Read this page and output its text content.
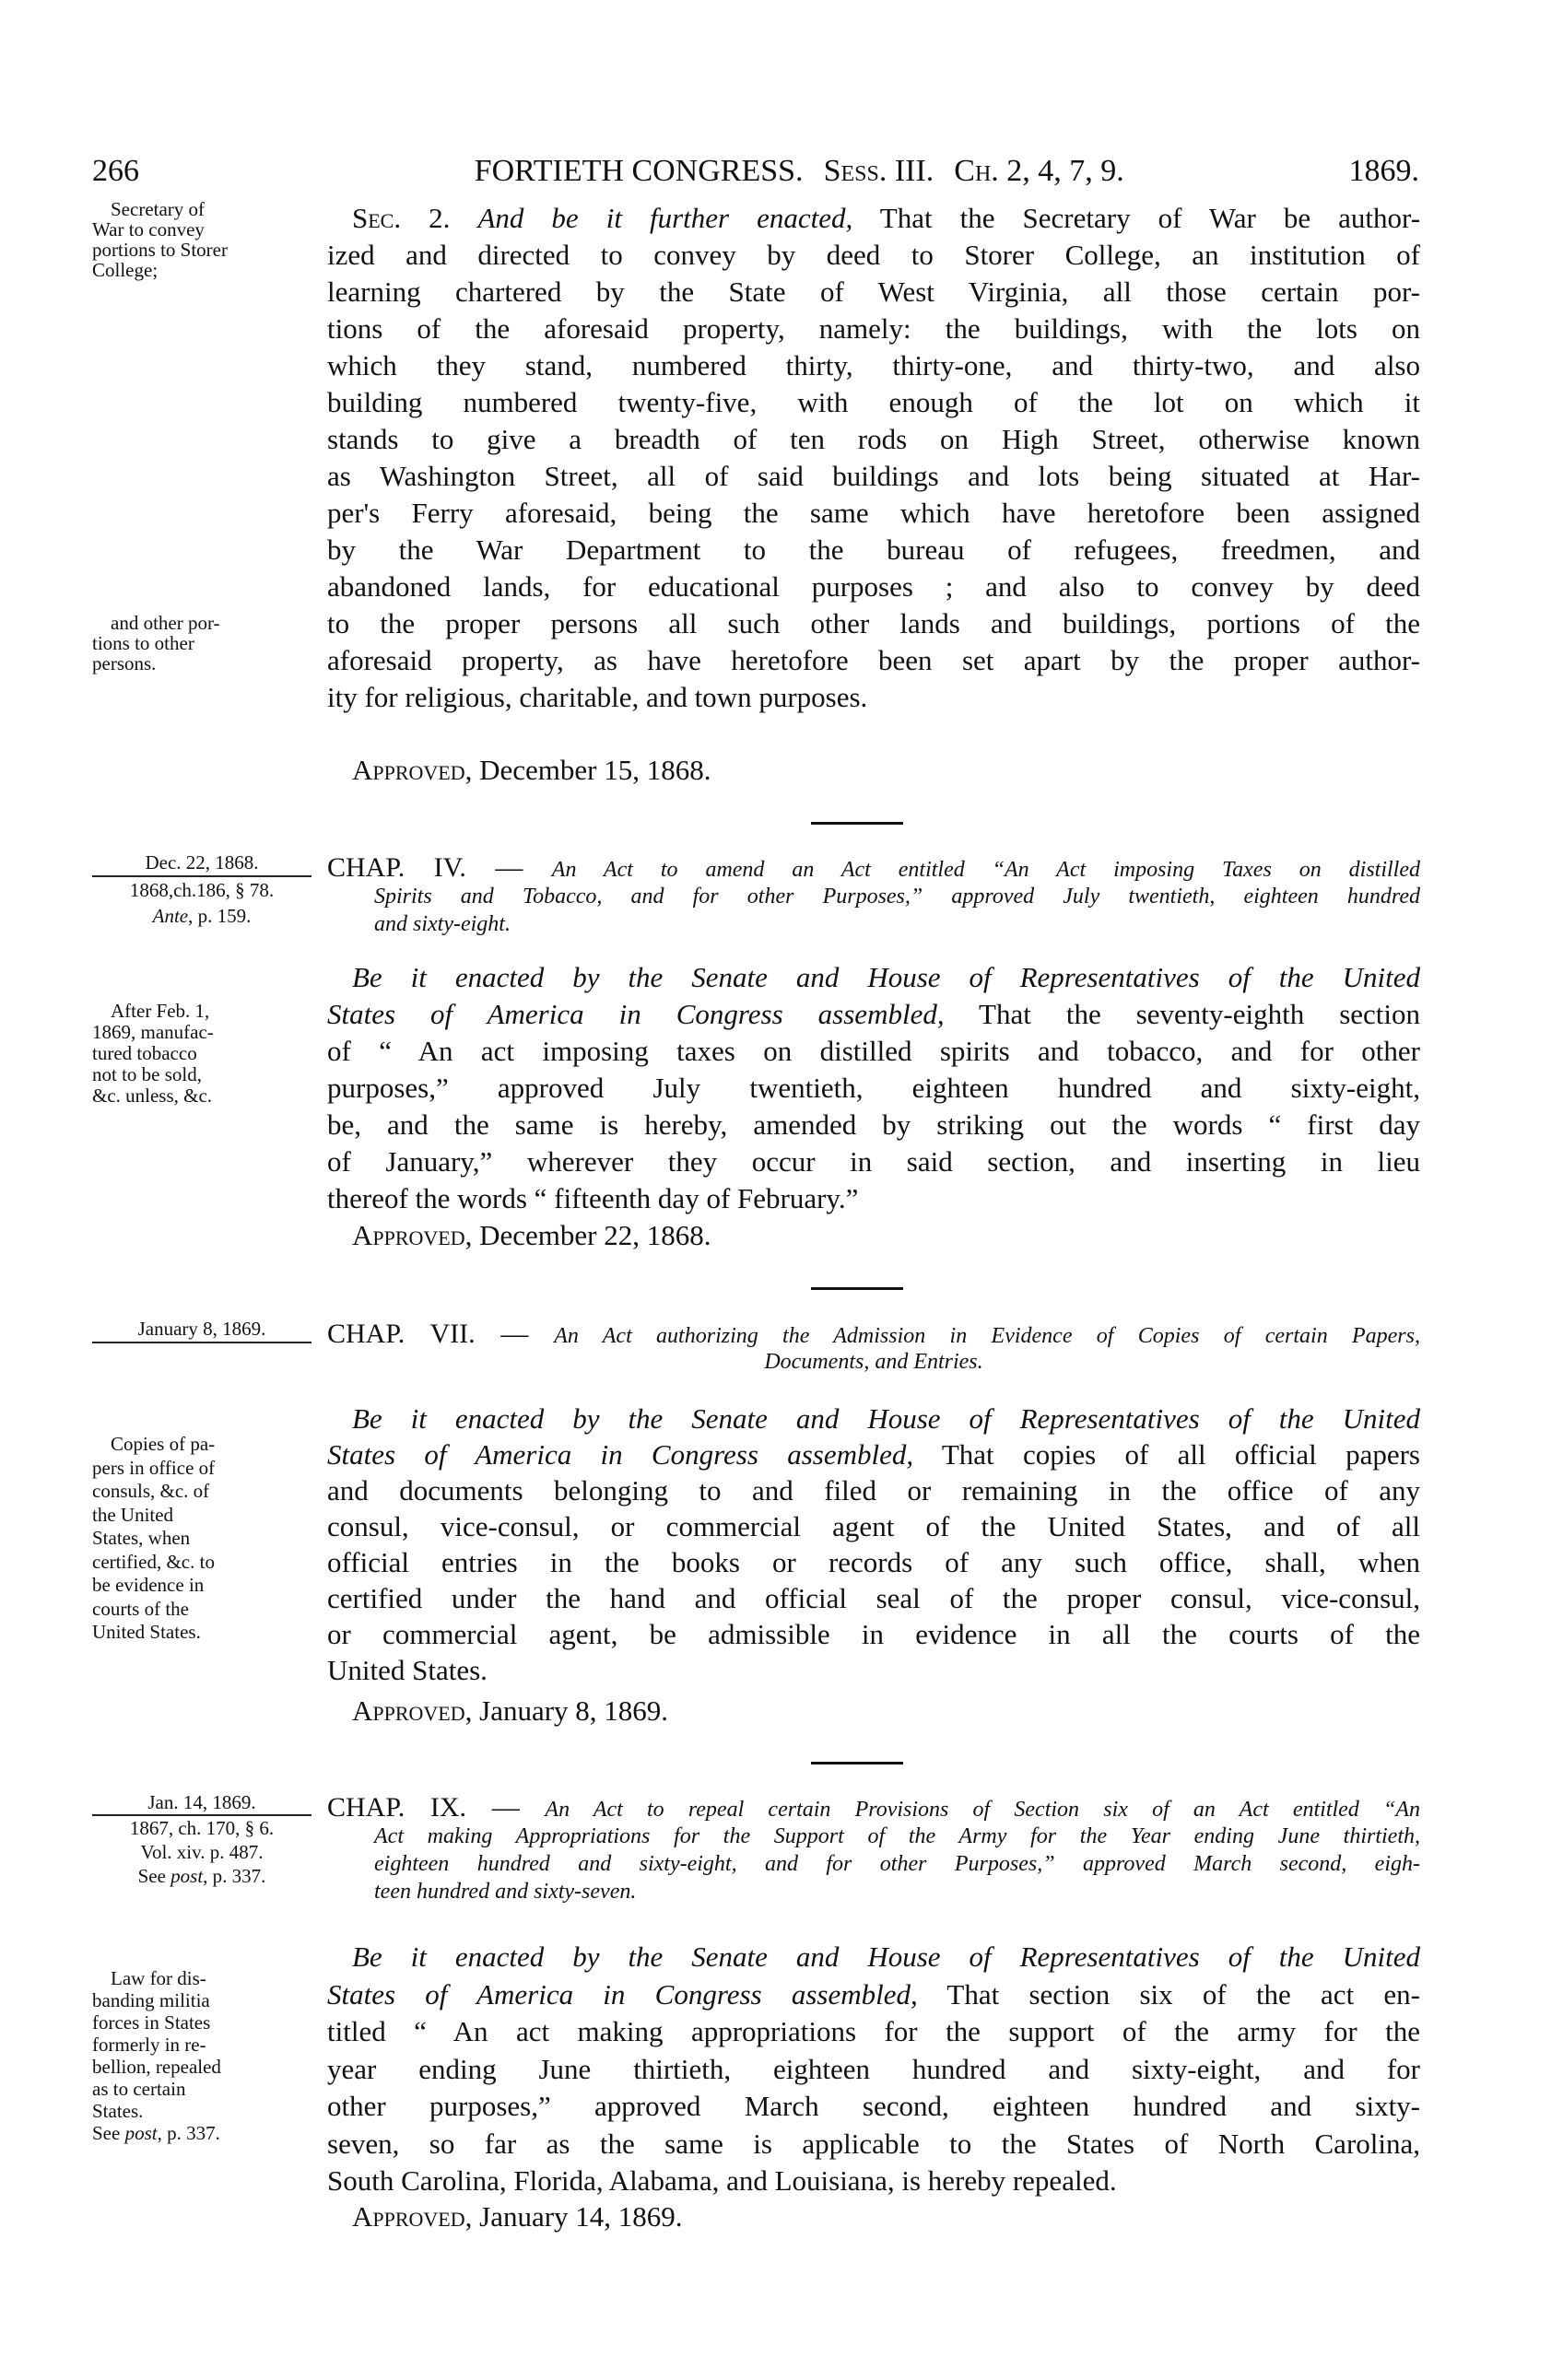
266	FORTIETH CONGRESS. Sess. III. Ch. 2, 4, 7, 9.	1869.
Secretary of
War to convey
portions to Storer
College;
Sec. 2. And be it further enacted, That the Secretary of War be author-
ized and directed to convey by deed to Storer College, an institution of
learning chartered by the State of West Virginia, all those certain por-
tions of the aforesaid property, namely: the buildings, with the lots on
which they stand, numbered thirty, thirty-one, and thirty-two, and also
building numbered twenty-five, with enough of the lot on which it
stands to give a breadth of ten rods on High Street, otherwise known
as Washington Street, all of said buildings and lots being situated at Har-
per's Ferry aforesaid, being the same which have heretofore been assigned
by the War Department to the bureau of refugees, freedmen, and
abandoned lands, for educational purposes ; and also to convey by deed
to the proper persons all such other lands and buildings, portions of the
aforesaid property, as have heretofore been set apart by the proper author-
ity for religious, charitable, and town purposes.
and other por-
tions to other
persons.
Approved, December 15, 1868.
Dec. 22, 1868.
1868,ch.186, § 78.
Ante, p. 159.
CHAP. IV. — An Act to amend an Act entitled “An Act imposing Taxes on distilled
Spirits and Tobacco, and for other Purposes,” approved July twentieth, eighteen hundred
and sixty-eight.
Be it enacted by the Senate and House of Representatives of the United
States of America in Congress assembled, That the seventy-eighth section
of “ An act imposing taxes on distilled spirits and tobacco, and for other
purposes,” approved July twentieth, eighteen hundred and sixty-eight,
be, and the same is hereby, amended by striking out the words “ first day
of January,” wherever they occur in said section, and inserting in lieu
thereof the words “ fifteenth day of February.”
After Feb. 1,
1869, manufac-
tured tobacco
not to be sold,
&c. unless, &c.
Approved, December 22, 1868.
January 8, 1869.	CHAP. VII. — An Act authorizing the Admission in Evidence of Copies of certain Papers,
Documents, and Entries.
Be it enacted by the Senate and House of Representatives of the United
States of America in Congress assembled, That copies of all official papers
and documents belonging to and filed or remaining in the office of any
consul, vice-consul, or commercial agent of the United States, and of all
official entries in the books or records of any such office, shall, when
certified under the hand and official seal of the proper consul, vice-consul,
or commercial agent, be admissible in evidence in all the courts of the
United States.
Copies of pa-
pers in office of
consuls, &c. of
the United
States, when
certified, &c. to
be evidence in
courts of the
United States.
Approved, January 8, 1869.
Jan. 14, 1869.
1867, ch. 170, § 6.
Vol. xiv. p. 487.
See post, p. 337.
CHAP. IX. — An Act to repeal certain Provisions of Section six of an Act entitled “An
Act making Appropriations for the Support of the Army for the Year ending June thirtieth,
eighteen hundred and sixty-eight, and for other Purposes,” approved March second, eigh-
teen hundred and sixty-seven.
Be it enacted by the Senate and House of Representatives of the United
States of America in Congress assembled, That section six of the act en-
titled “ An act making appropriations for the support of the army for the
year ending June thirtieth, eighteen hundred and sixty-eight, and for
other purposes,” approved March second, eighteen hundred and sixty-
seven, so far as the same is applicable to the States of North Carolina,
South Carolina, Florida, Alabama, and Louisiana, is hereby repealed.
Law for dis-
banding militia
forces in States
formerly in re-
bellion, repealed
as to certain
States.
See post, p. 337.
Approved, January 14, 1869.
